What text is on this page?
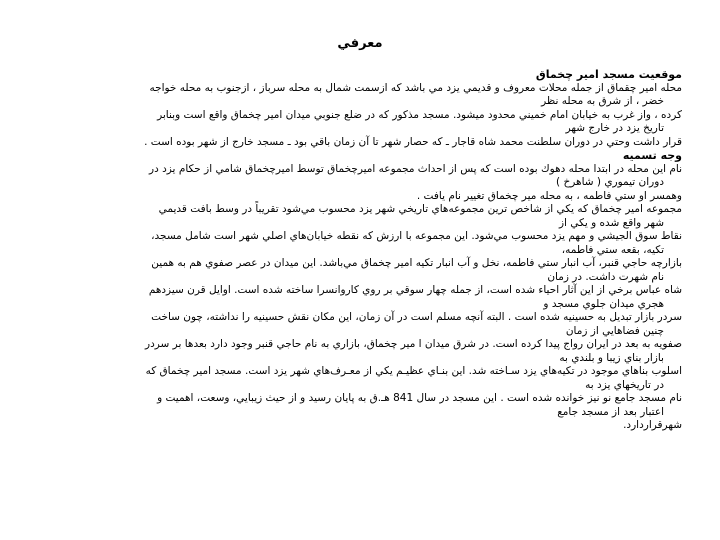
معرفي
موقعيت مسجد امير چخماق
محله امير چقماق از جمله محلات معروف و قديمي يزد مي باشد كه ازسمت شمال به محله سرباز ، ازجنوب به محله خواجه
خضر ، از شرق به محله نظر
كرده ، واز غرب به خيابان امام خميني محدود ميشود. مسجد مذكور كه در ضلع جنوبي ميدان امير چخماق واقع است وبنابر
تاريخ يزد در خارج شهر
قرار داشت وحتي در دوران سلطنت محمد شاه قاجار ـ كه حصار شهر تا آن زمان باقي بود ـ مسجد خارج از شهر بوده است .
وجه تسميه
نام اين محله در ابتدا محله دهوك بوده است كه پس از احداث مجموعه اميرچخماق توسط اميرچخماق شامي از حكام يزد در
دوران تيموري ( شاهرخ )
وهمسر او ستي فاطمه ، به محله مير چخماق تغيير نام يافت .
مجموعه امير چخماق كه يكي از شاخص ترين مجموعه‌هاي تاريخي شهر يزد محسوب مي‌شود تقريباً در وسط بافت قديمي
شهر واقع شده و يكي از
نقاط سوق الجيشي و مهم يزد محسوب مي‌شود. اين مجموعه با ارزش كه نقطه خيابان‌هاي اصلي شهر است شامل مسجد،
تكيه، بقعه ستي فاطمه،
بازارچه حاجي قنبر، آب انبار ستي فاطمه، نخل و آب انبار تكيه امير چخماق مي‌باشد. اين ميدان در عصر صفوي هم به همين
نام شهرت داشت. در زمان
شاه عباس برخي از اين آثار احياء شده است، از جمله چهار سوقي بر روي كاروانسرا ساخته شده است. اوايل قرن سيزدهم
هجري ميدان جلوي مسجد و
سردر بازار تبديل به حسينيه شده است . البته آنچه مسلم است در آن زمان، اين مكان نقش حسينيه را نداشته، چون ساخت
چنين فضاهايي از زمان
صفويه به بعد در ايران رواج پيدا كرده است. در شرق ميدان ا مير چخماق، بازاري به نام حاجي قنبر وجود دارد بعدها بر سردر
بازار بناي زيبا و بلندي به
اسلوب بناهاي موجود در تكيه‌هاي يزد سـاخته شد. اين بنـاي عظيـم يكي از معـرف‌هاي شهر يزد است. مسجد امير چخماق كه
در تاريخهاي يزد به
نام مسجد جامع نو نيز خوانده شده است . اين مسجد در سال 841 هـ.ق به پايان رسيد و از حيث زيبايي، وسعت، اهميت و
اعتبار بعد از مسجد جامع
شهرقراردارد.
